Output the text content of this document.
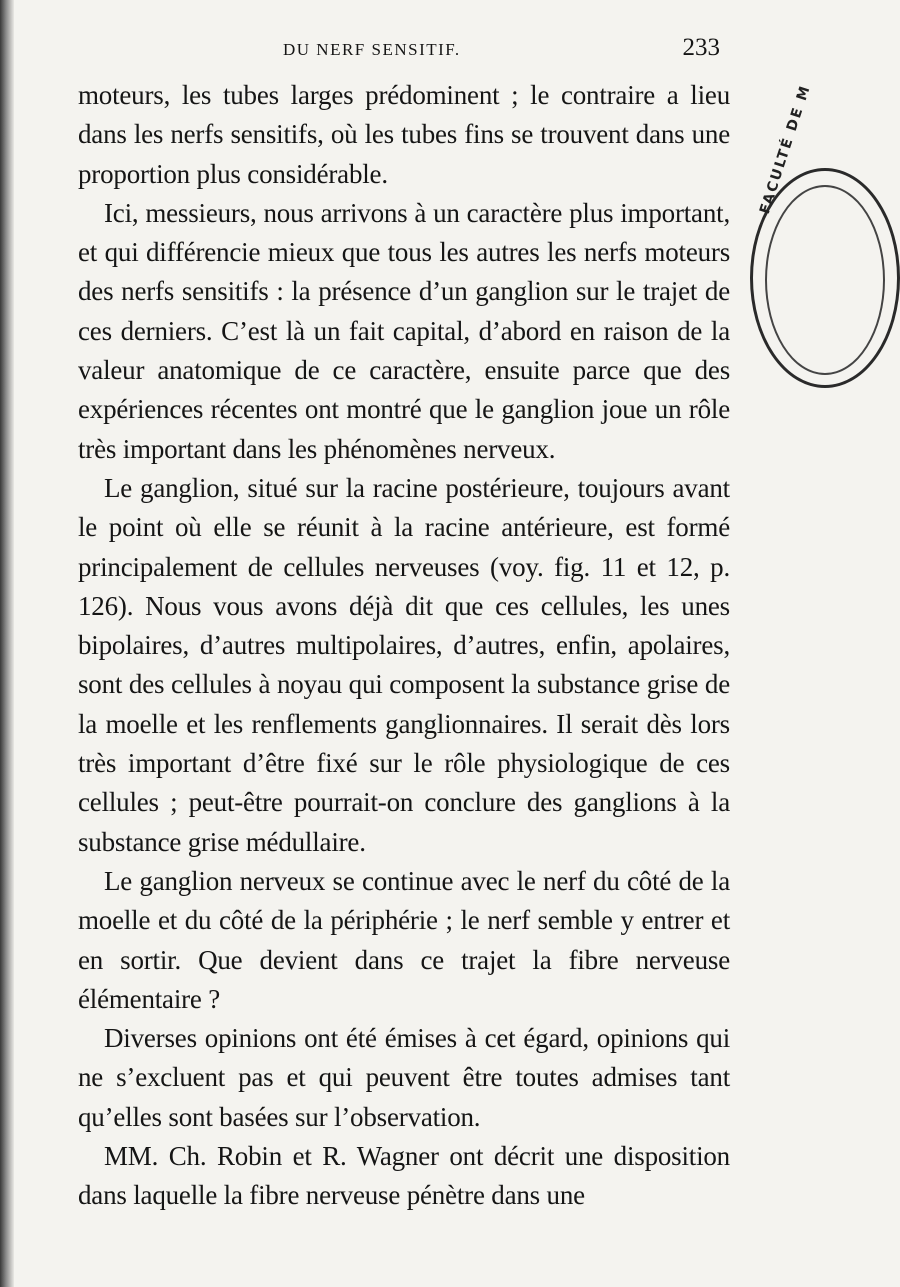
DU NERF SENSITIF.	233

moteurs, les tubes larges prédominent ; le contraire a lieu dans les nerfs sensitifs, où les tubes fins se trouvent dans une proportion plus considérable.

Ici, messieurs, nous arrivons à un caractère plus important, et qui différencie mieux que tous les autres les nerfs moteurs des nerfs sensitifs : la présence d’un ganglion sur le trajet de ces derniers. C’est là un fait capital, d’abord en raison de la valeur anatomique de ce caractère, ensuite parce que des expériences récentes ont montré que le ganglion joue un rôle très important dans les phénomènes nerveux.

Le ganglion, situé sur la racine postérieure, toujours avant le point où elle se réunit à la racine antérieure, est formé principalement de cellules nerveuses (voy. fig. 11 et 12, p. 126). Nous vous avons déjà dit que ces cellules, les unes bipolaires, d’autres multipolaires, d’autres, enfin, apolaires, sont des cellules à noyau qui composent la substance grise de la moelle et les renflements ganglionnaires. Il serait dès lors très important d’être fixé sur le rôle physiologique de ces cellules ; peut-être pourrait-on conclure des ganglions à la substance grise médullaire.

Le ganglion nerveux se continue avec le nerf du côté de la moelle et du côté de la périphérie ; le nerf semble y entrer et en sortir. Que devient dans ce trajet la fibre nerveuse élémentaire ?

Diverses opinions ont été émises à cet égard, opinions qui ne s’excluent pas et qui peuvent être toutes admises tant qu’elles sont basées sur l’observation.

MM. Ch. Robin et R. Wagner ont décrit une disposition dans laquelle la fibre nerveuse pénètre dans une

FACULTÉ DE M
